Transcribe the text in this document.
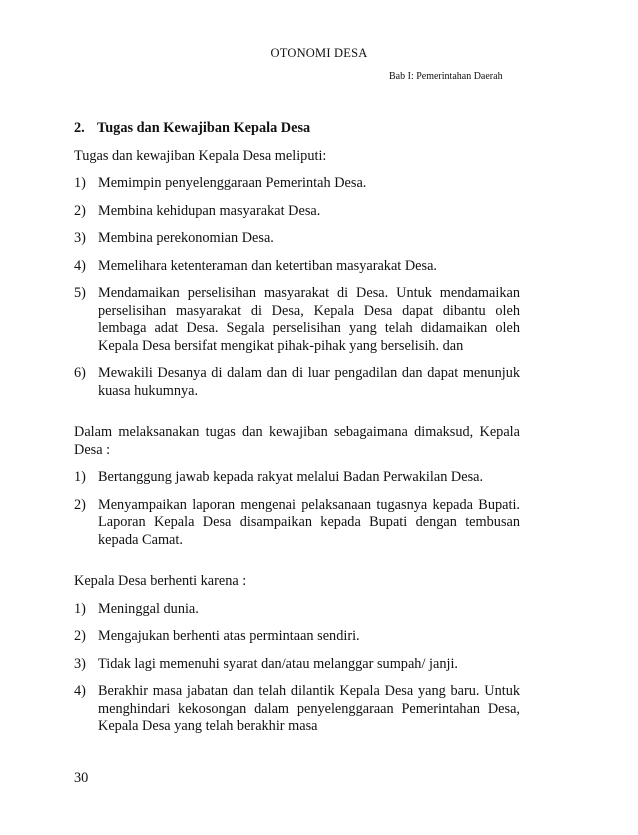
OTONOMI DESA
Bab I: Pemerintahan Daerah
2. Tugas dan Kewajiban Kepala Desa

Tugas dan kewajiban Kepala Desa meliputi:

1) Memimpin penyelenggaraan Pemerintah Desa.
2) Membina kehidupan masyarakat Desa.
3) Membina perekonomian Desa.
4) Memelihara ketenteraman dan ketertiban masyarakat Desa.
5) Mendamaikan perselisihan masyarakat di Desa. Untuk mendamaikan perselisihan masyarakat di Desa, Kepala Desa dapat dibantu oleh lembaga adat Desa. Segala perselisihan yang telah didamaikan oleh Kepala Desa bersifat mengikat pihak-pihak yang berselisih. dan
6) Mewakili Desanya di dalam dan di luar pengadilan dan dapat menunjuk kuasa hukumnya.

Dalam melaksanakan tugas dan kewajiban sebagaimana dimaksud, Kepala Desa :

1) Bertanggung jawab kepada rakyat melalui Badan Perwakilan Desa.
2) Menyampaikan laporan mengenai pelaksanaan tugasnya kepada Bupati. Laporan Kepala Desa disampaikan kepada Bupati dengan tembusan kepada Camat.

Kepala Desa berhenti karena :

1) Meninggal dunia.
2) Mengajukan berhenti atas permintaan sendiri.
3) Tidak lagi memenuhi syarat dan/atau melanggar sumpah/ janji.
4) Berakhir masa jabatan dan telah dilantik Kepala Desa yang baru. Untuk menghindari kekosongan dalam penyelenggaraan Pemerintahan Desa, Kepala Desa yang telah berakhir masa
30
